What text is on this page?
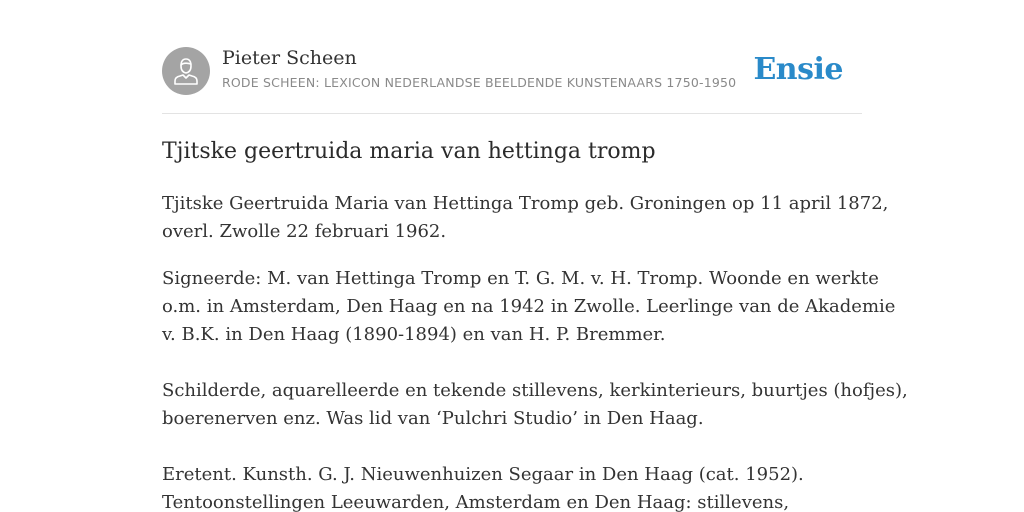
Pieter Scheen
RODE SCHEEN: LEXICON NEDERLANDSE BEELDENDE KUNSTENAARS 1750-1950 Ensie
Tjitske geertruida maria van hettinga tromp

Tjitske Geertruida Maria van Hettinga Tromp geb. Groningen op 11 april 1872,
overl. Zwolle 22 februari 1962.

Signeerde: M. van Hettinga Tromp en T. G. M. v. H. Tromp. Woonde en werkte
o.m. in Amsterdam, Den Haag en na 1942 in Zwolle. Leerlinge van de Akademie
v. B.K. in Den Haag (1890-1894) en van H. P. Bremmer.
Schilderde, aquarelleerde en tekende stillevens, kerkinterieurs, buurtjes (hofjes),
boerenerven enz. Was lid van ‘Pulchri Studio’ in Den Haag.
Eretent. Kunsth. G. J. Nieuwenhuizen Segaar in Den Haag (cat. 1952).
Tentoonstellingen Leeuwarden, Amsterdam en Den Haag: stillevens,
